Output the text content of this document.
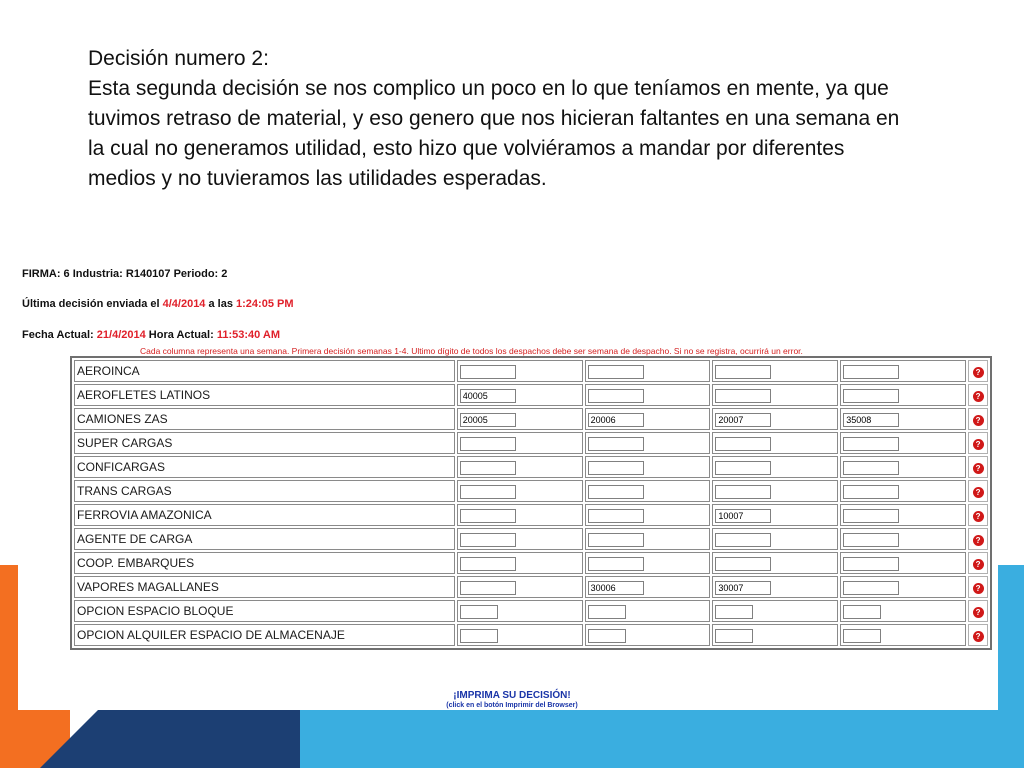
Decisión numero 2:
Esta segunda decisión se nos complico un poco en lo que teníamos en mente, ya que tuvimos retraso de material, y eso genero que nos hicieran faltantes en una semana en la cual no generamos utilidad, esto hizo que volviéramos a mandar por diferentes medios y no tuvieramos las utilidades esperadas.
FIRMA: 6 Industria: R140107 Periodo: 2
Última decisión enviada el 4/4/2014 a las 1:24:05 PM
Fecha Actual: 21/4/2014 Hora Actual: 11:53:40 AM
Cada columna representa una semana. Primera decisión semanas 1-4. Ultimo dígito de todos los despachos debe ser semana de despacho. Si no se registra, ocurrirá un error.
AEROINCA					?
AEROFLETES LATINOS	40005				?
CAMIONES ZAS	20005	20006	20007	35008	?
SUPER CARGAS					?
CONFICARGAS					?
TRANS CARGAS					?
FERROVIA AMAZONICA			10007		?
AGENTE DE CARGA					?
COOP. EMBARQUES					?
VAPORES MAGALLANES		30006	30007		?
OPCION ESPACIO BLOQUE					?
OPCION ALQUILER ESPACIO DE ALMACENAJE					?
¡IMPRIMA SU DECISIÓN!
(click en el botón Imprimir del Browser)
